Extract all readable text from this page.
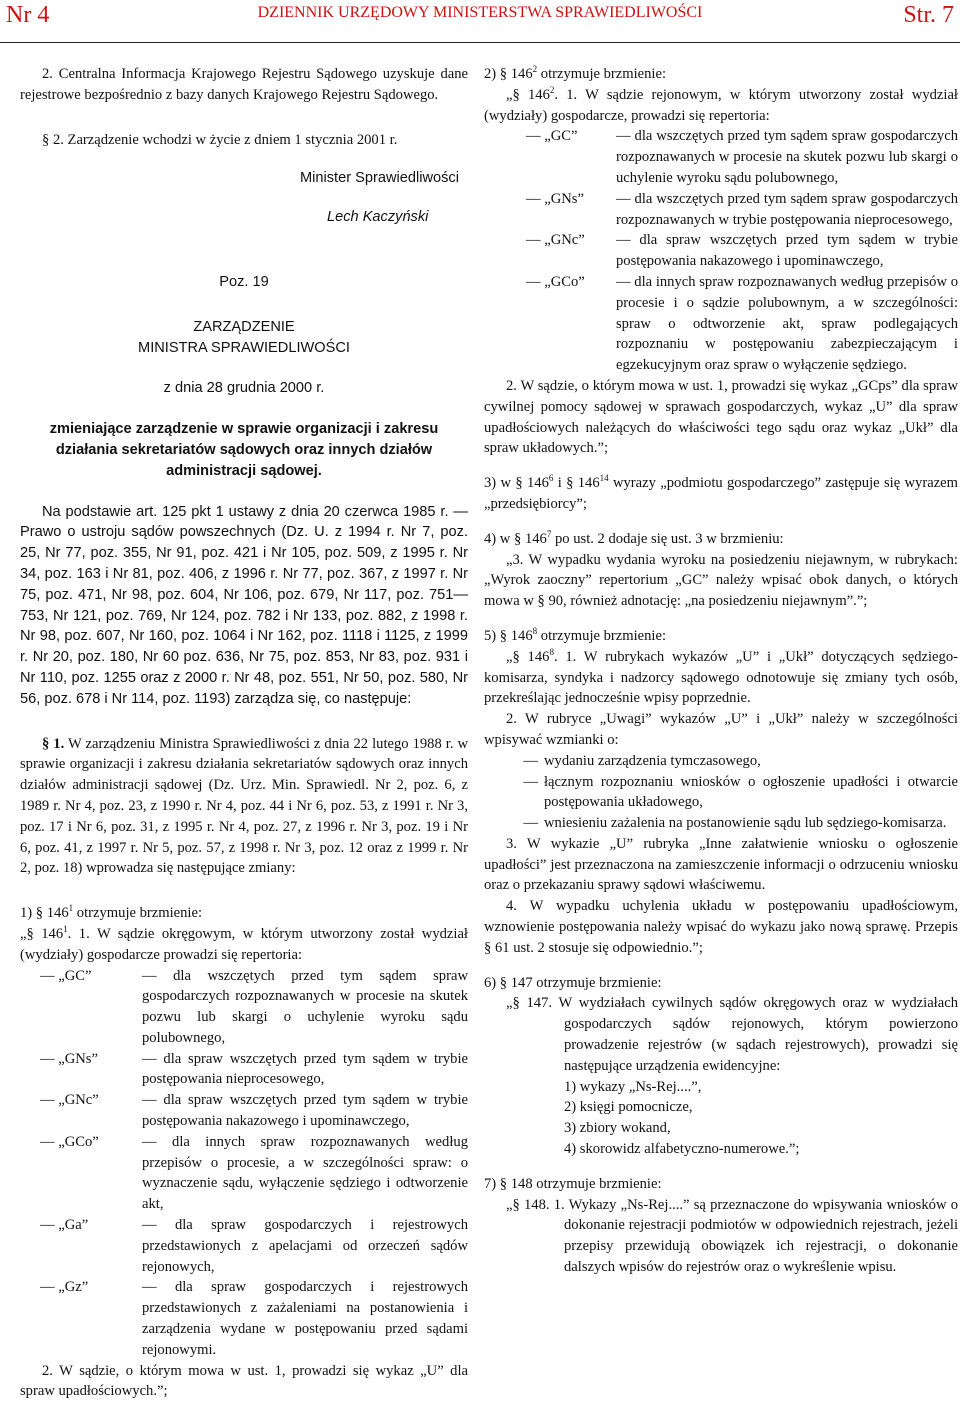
Nr 4	DZIENNIK URZĘDOWY MINISTERSTWA SPRAWIEDLIWOŚCI	Str. 7

2. Centralna Informacja Krajowego Rejestru Sądowego uzyskuje dane rejestrowe bezpośrednio z bazy danych Krajowego Rejestru Sądowego.

§ 2. Zarządzenie wchodzi w życie z dniem 1 stycznia 2001 r.

Minister Sprawiedliwości

Lech Kaczyński

Poz. 19

ZARZĄDZENIE

MINISTRA SPRAWIEDLIWOŚCI

z dnia 28 grudnia 2000 r.

zmieniające zarządzenie w sprawie organizacji i zakresu działania sekretariatów sądowych oraz innych działów administracji sądowej.

Na podstawie art. 125 pkt 1 ustawy z dnia 20 czerwca 1985 r. — Prawo o ustroju sądów powszechnych (Dz. U. z 1994 r. Nr 7, poz. 25, Nr 77, poz. 355, Nr 91, poz. 421 i Nr 105, poz. 509, z 1995 r. Nr 34, poz. 163 i Nr 81, poz. 406, z 1996 r. Nr 77, poz. 367, z 1997 r. Nr 75, poz. 471, Nr 98, poz. 604, Nr 106, poz. 679, Nr 117, poz. 751—753, Nr 121, poz. 769, Nr 124, poz. 782 i Nr 133, poz. 882, z 1998 r. Nr 98, poz. 607, Nr 160, poz. 1064 i Nr 162, poz. 1118 i 1125, z 1999 r. Nr 20, poz. 180, Nr 60 poz. 636, Nr 75, poz. 853, Nr 83, poz. 931 i Nr 110, poz. 1255 oraz z 2000 r. Nr 48, poz. 551, Nr 50, poz. 580, Nr 56, poz. 678 i Nr 114, poz. 1193) zarządza się, co następuje:

§ 1. W zarządzeniu Ministra Sprawiedliwości z dnia 22 lutego 1988 r. w sprawie organizacji i zakresu działania sekretariatów sądowych oraz innych działów administracji sądowej (Dz. Urz. Min. Sprawiedl. Nr 2, poz. 6, z 1989 r. Nr 4, poz. 23, z 1990 r. Nr 4, poz. 44 i Nr 6, poz. 53, z 1991 r. Nr 3, poz. 17 i Nr 6, poz. 31, z 1995 r. Nr 4, poz. 27, z 1996 r. Nr 3, poz. 19 i Nr 6, poz. 41, z 1997 r. Nr 5, poz. 57, z 1998 r. Nr 3, poz. 12 oraz z 1999 r. Nr 2, poz. 18) wprowadza się następujące zmiany:

1) § $146^1$ otrzymuje brzmienie:

„§ $146^1$. 1. W sądzie okręgowym, w którym utworzony został wydział (wydziały) gospodarcze prowadzi się repertoria:

— „GC”	— dla wszczętych przed tym sądem spraw gospodarczych rozpoznawanych w procesie na skutek pozwu lub skargi o uchylenie wyroku sądu polubownego,
— „GNs”	— dla spraw wszczętych przed tym sądem w trybie postępowania nieprocesowego,
— „GNc”	— dla spraw wszczętych przed tym sądem w trybie postępowania nakazowego i upominawczego,
— „GCo”	— dla innych spraw rozpoznawanych według przepisów o procesie, a w szczególności spraw: o wyznaczenie sądu, wyłączenie sędziego i odtworzenie akt,
— „Ga”	— dla spraw gospodarczych i rejestrowych przedstawionych z apelacjami od orzeczeń sądów rejonowych,
— „Gz”	— dla spraw gospodarczych i rejestrowych przedstawionych z zażaleniami na postanowienia i zarządzenia wydane w postępowaniu przed sądami rejonowymi.

2. W sądzie, o którym mowa w ust. 1, prowadzi się wykaz „U” dla spraw upadłościowych.”;

2) § $146^2$ otrzymuje brzmienie:

„§ $146^2$. 1. W sądzie rejonowym, w którym utworzony został wydział (wydziały) gospodarcze, prowadzi się repertoria:

— „GC”	— dla wszczętych przed tym sądem spraw gospodarczych rozpoznawanych w procesie na skutek pozwu lub skargi o uchylenie wyroku sądu polubownego,
— „GNs”	— dla wszczętych przed tym sądem spraw gospodarczych rozpoznawanych w trybie postępowania nieprocesowego,
— „GNc”	— dla spraw wszczętych przed tym sądem w trybie postępowania nakazowego i upominawczego,
— „GCo”	— dla innych spraw rozpoznawanych według przepisów o procesie i o sądzie polubownym, a w szczególności: spraw o odtworzenie akt, spraw podlegających rozpoznaniu w postępowaniu zabezpieczającym i egzekucyjnym oraz spraw o wyłączenie sędziego.

2. W sądzie, o którym mowa w ust. 1, prowadzi się wykaz „GCps” dla spraw cywilnej pomocy sądowej w sprawach gospodarczych, wykaz „U” dla spraw upadłościowych należących do właściwości tego sądu oraz wykaz „Ukł” dla spraw układowych.”;

3) w § $146^6$ i § $146^{14}$ wyrazy „podmiotu gospodarczego” zastępuje się wyrazem „przedsiębiorcy”;

4) w § $146^7$ po ust. 2 dodaje się ust. 3 w brzmieniu:

„3. W wypadku wydania wyroku na posiedzeniu niejawnym, w rubrykach: „Wyrok zaoczny” repertorium „GC” należy wpisać obok danych, o których mowa w § 90, również adnotację: „na posiedzeniu niejawnym”.”;

5) § $146^8$ otrzymuje brzmienie:

„§ $146^8$. 1. W rubrykach wykazów „U” i „Ukł” dotyczących sędziego-komisarza, syndyka i nadzorcy sądowego odnotowuje się zmiany tych osób, przekreślając jednocześnie wpisy poprzednie.

2. W rubryce „Uwagi” wykazów „U” i „Ukł” należy w szczególności wpisywać wzmianki o:

— wydaniu zarządzenia tymczasowego,
— łącznym rozpoznaniu wniosków o ogłoszenie upadłości i otwarcie postępowania układowego,
— wniesieniu zażalenia na postanowienie sądu lub sędziego-komisarza.

3. W wykazie „U” rubryka „Inne załatwienie wniosku o ogłoszenie upadłości” jest przeznaczona na zamieszczenie informacji o odrzuceniu wniosku oraz o przekazaniu sprawy sądowi właściwemu.

4. W wypadku uchylenia układu w postępowaniu upadłościowym, wznowienie postępowania należy wpisać do wykazu jako nową sprawę. Przepis § 61 ust. 2 stosuje się odpowiednio.”;

6) § 147 otrzymuje brzmienie:

„§ 147. W wydziałach cywilnych sądów okręgowych oraz w wydziałach gospodarczych sądów rejonowych, którym powierzono prowadzenie rejestrów (w sądach rejestrowych), prowadzi się następujące urządzenia ewidencyjne:

1) wykazy „Ns-Rej....”,

2) księgi pomocnicze,

3) zbiory wokand,

4) skorowidz alfabetyczno-numerowe.”;

7) § 148 otrzymuje brzmienie:

„§ 148. 1. Wykazy „Ns-Rej....” są przeznaczone do wpisywania wniosków o dokonanie rejestracji podmiotów w odpowiednich rejestrach, jeżeli przepisy przewidują obowiązek ich rejestracji, o dokonanie dalszych wpisów do rejestrów oraz o wykreślenie wpisu.
